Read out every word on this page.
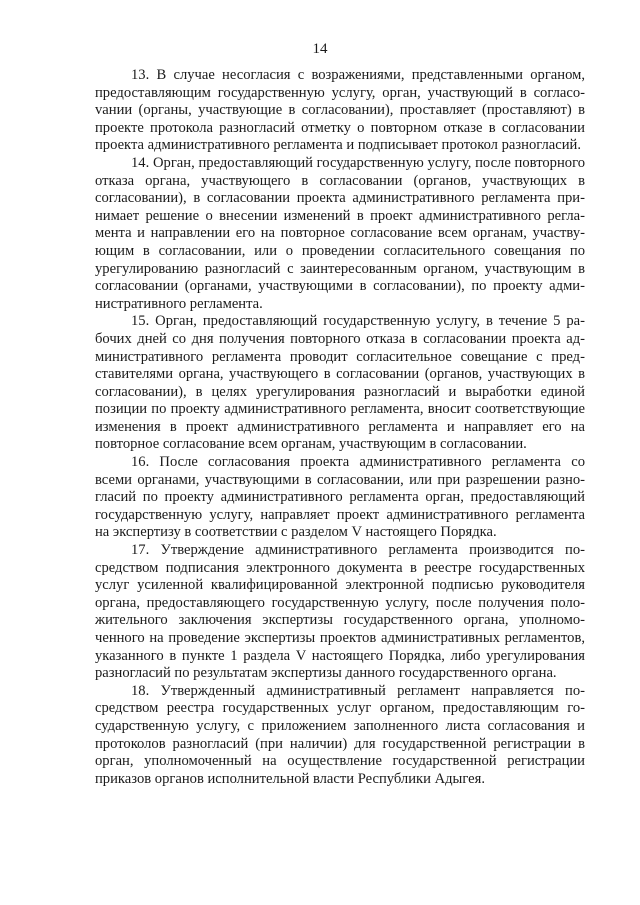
14

13. В случае несогласия с возражениями, представленными органом, предоставляющим государственную услугу, орган, участвующий в согласоvании (органы, участвующие в согласовании), проставляет (проставляют) в проекте протокола разногласий отметку о повторном отказе в согласовании проекта административного регламента и подписывает протокол разногласий.

14. Орган, предоставляющий государственную услугу, после повторного отказа органа, участвующего в согласовании (органов, участвующих в согласовании), в согласовании проекта административного регламента принимает решение о внесении изменений в проект административного регламента и направлении его на повторное согласование всем органам, участвующим в согласовании, или о проведении согласительного совещания по урегулированию разногласий с заинтересованным органом, участвующим в согласовании (органами, участвующими в согласовании), по проекту административного регламента.

15. Орган, предоставляющий государственную услугу, в течение 5 рабочих дней со дня получения повторного отказа в согласовании проекта административного регламента проводит согласительное совещание с представителями органа, участвующего в согласовании (органов, участвующих в согласовании), в целях урегулирования разногласий и выработки единой позиции по проекту административного регламента, вносит соответствующие изменения в проект административного регламента и направляет его на повторное согласование всем органам, участвующим в согласовании.

16. После согласования проекта административного регламента со всеми органами, участвующими в согласовании, или при разрешении разногласий по проекту административного регламента орган, предоставляющий государственную услугу, направляет проект административного регламента на экспертизу в соответствии с разделом V настоящего Порядка.

17. Утверждение административного регламента производится посредством подписания электронного документа в реестре государственных услуг усиленной квалифицированной электронной подписью руководителя органа, предоставляющего государственную услугу, после получения положительного заключения экспертизы государственного органа, уполномоченного на проведение экспертизы проектов административных регламентов, указанного в пункте 1 раздела V настоящего Порядка, либо урегулирования разногласий по результатам экспертизы данного государственного органа.

18. Утвержденный административный регламент направляется посредством реестра государственных услуг органом, предоставляющим государственную услугу, с приложением заполненного листа согласования и протоколов разногласий (при наличии) для государственной регистрации в орган, уполномоченный на осуществление государственной регистрации приказов органов исполнительной власти Республики Адыгея.
